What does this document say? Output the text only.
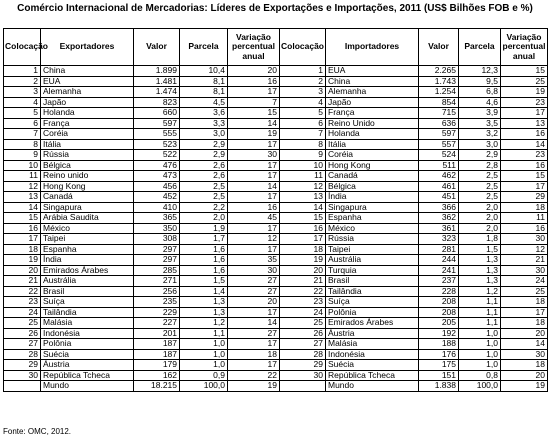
Comércio Internacional de Mercadorias: Líderes de Exportações e Importações, 2011 (US$ Bilhões FOB e %)
Colocação	Exportadores	Valor	Parcela	Variação percentual anual	Colocação	Importadores	Valor	Parcela	Variação percentual anual
1	China	1.899	10,4	20	1	EUA	2.265	12,3	15
2	EUA	1.481	8,1	16	2	China	1.743	9,5	25
3	Alemanha	1.474	8,1	17	3	Alemanha	1.254	6,8	19
4	Japão	823	4,5	7	4	Japão	854	4,6	23
5	Holanda	660	3,6	15	5	França	715	3,9	17
6	França	597	3,3	14	6	Reino Unido	636	3,5	13
7	Coréia	555	3,0	19	7	Holanda	597	3,2	16
8	Itália	523	2,9	17	8	Itália	557	3,0	14
9	Rússia	522	2,9	30	9	Coréia	524	2,9	23
10	Bélgica	476	2,6	17	10	Hong Kong	511	2,8	16
11	Reino unido	473	2,6	17	11	Canadá	462	2,5	15
12	Hong Kong	456	2,5	14	12	Bélgica	461	2,5	17
13	Canadá	452	2,5	17	13	Índia	451	2,5	29
14	Singapura	410	2,2	16	14	Singapura	366	2,0	18
15	Arábia Saudita	365	2,0	45	15	Espanha	362	2,0	11
16	México	350	1,9	17	16	México	361	2,0	16
17	Taipei	308	1,7	12	17	Rússia	323	1,8	30
18	Espanha	297	1,6	17	18	Taipei	281	1,5	12
19	Índia	297	1,6	35	19	Austrália	244	1,3	21
20	Emirados Árabes	285	1,6	30	20	Turquia	241	1,3	30
21	Austrália	271	1,5	27	21	Brasil	237	1,3	24
22	Brasil	256	1,4	27	22	Tailândia	228	1,2	25
23	Suíça	235	1,3	20	23	Suíça	208	1,1	18
24	Tailândia	229	1,3	17	24	Polônia	208	1,1	17
25	Malásia	227	1,2	14	25	Emirados Árabes	205	1,1	18
26	Indonésia	201	1,1	27	26	Áustria	192	1,0	20
27	Polônia	187	1,0	17	27	Malásia	188	1,0	14
28	Suécia	187	1,0	18	28	Indonésia	176	1,0	30
29	Áustria	179	1,0	17	29	Suécia	175	1,0	18
30	República Tcheca	162	0,9	22	30	República Tcheca	151	0,8	20
	Mundo	18.215	100,0	19		Mundo	1.838	100,0	19
Fonte: OMC, 2012.
